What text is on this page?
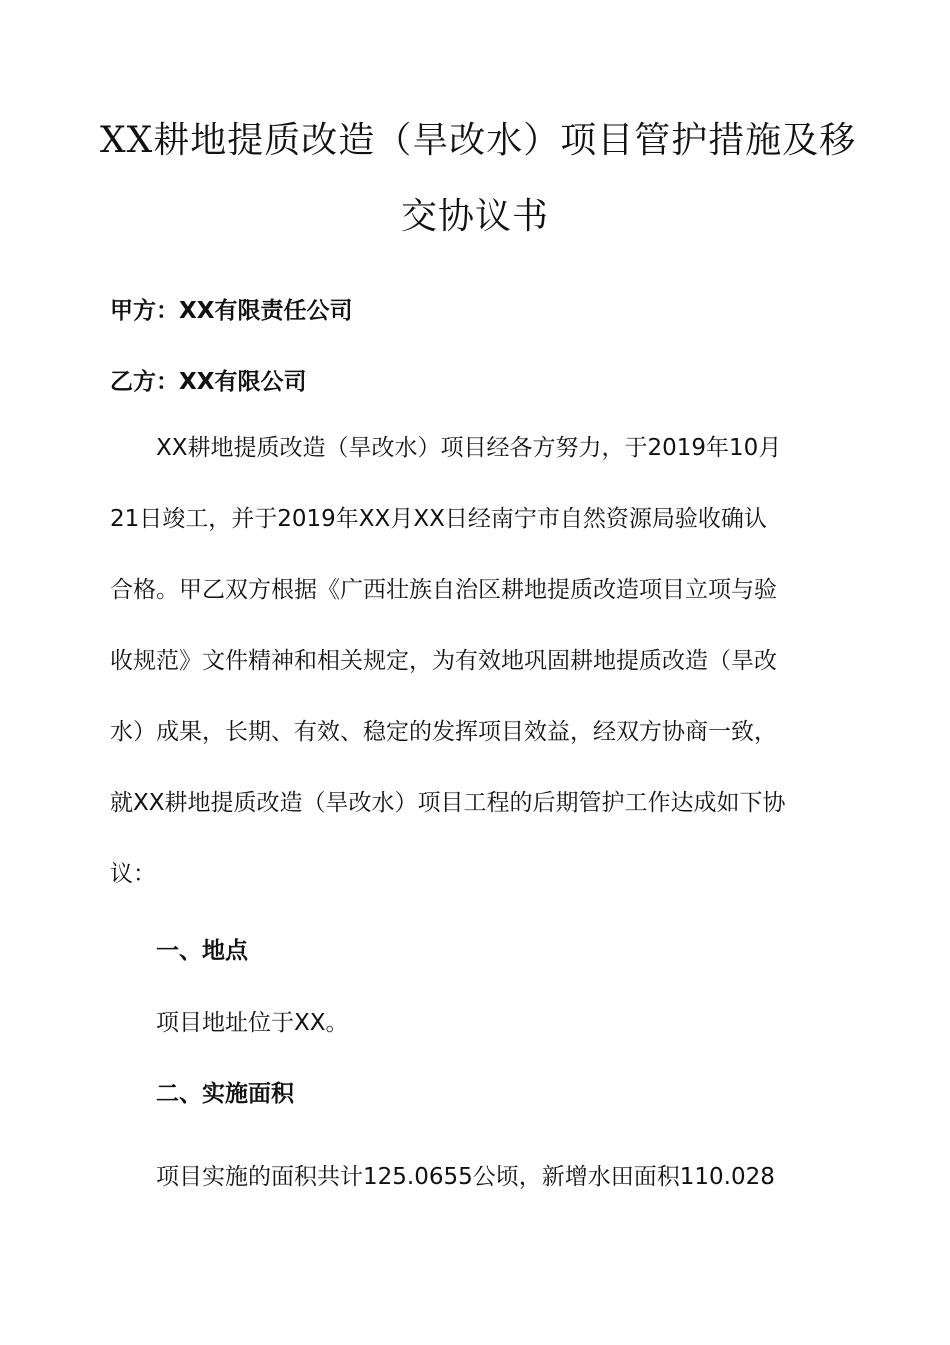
XX耕地提质改造（旱改水）项目管护措施及移
交协议书
甲方：XX有限责任公司
乙方：XX有限公司
XX耕地提质改造（旱改水）项目经各方努力，于2019年10月
21日竣工，并于2019年XX月XX日经南宁市自然资源局验收确认
合格。甲乙双方根据《广西壮族自治区耕地提质改造项目立项与验
收规范》文件精神和相关规定，为有效地巩固耕地提质改造（旱改
水）成果，长期、有效、稳定的发挥项目效益，经双方协商一致，
就XX耕地提质改造（旱改水）项目工程的后期管护工作达成如下协
议：
一、地点
项目地址位于XX。
二、实施面积
项目实施的面积共计125.0655公顷，新增水田面积110.028
